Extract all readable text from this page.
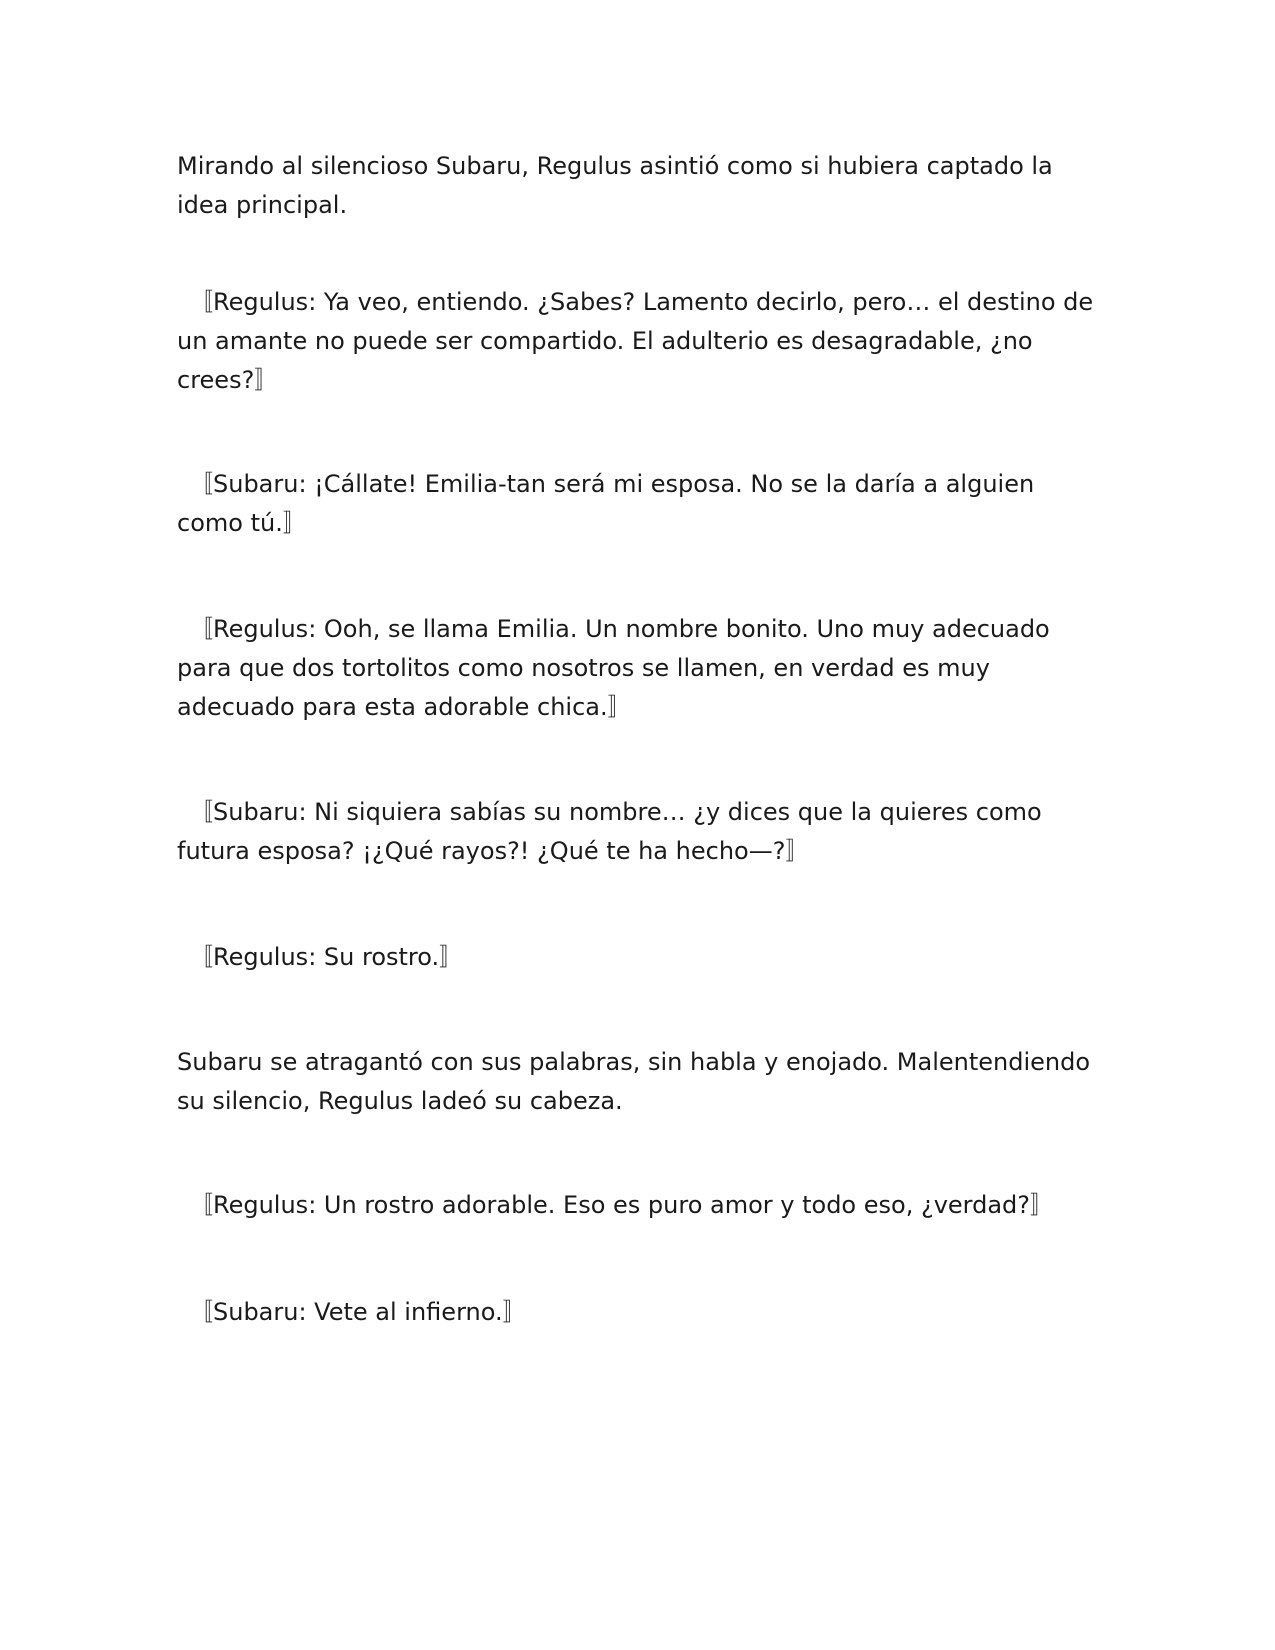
Mirando al silencioso Subaru, Regulus asintió como si hubiera captado la idea principal.

〚Regulus: Ya veo, entiendo. ¿Sabes? Lamento decirlo, pero… el destino de un amante no puede ser compartido. El adulterio es desagradable, ¿no crees?〛

〚Subaru: ¡Cállate! Emilia-tan será mi esposa. No se la daría a alguien como tú.〛

〚Regulus: Ooh, se llama Emilia. Un nombre bonito. Uno muy adecuado para que dos tortolitos como nosotros se llamen, en verdad es muy adecuado para esta adorable chica.〛

〚Subaru: Ni siquiera sabías su nombre… ¿y dices que la quieres como futura esposa? ¡¿Qué rayos?! ¿Qué te ha hecho—?〛

〚Regulus: Su rostro.〛

Subaru se atragantó con sus palabras, sin habla y enojado. Malentendiendo su silencio, Regulus ladeó su cabeza.

〚Regulus: Un rostro adorable. Eso es puro amor y todo eso, ¿verdad?〛

〚Subaru: Vete al infierno.〛
